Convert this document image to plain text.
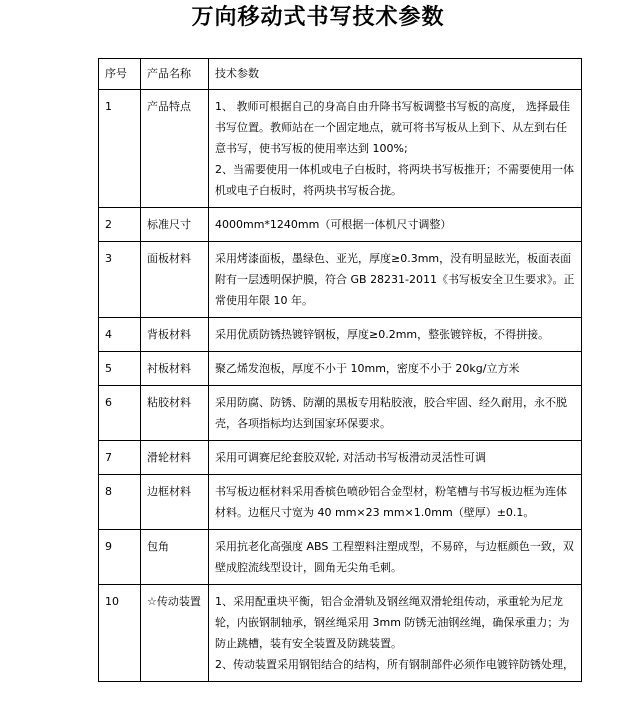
万向移动式书写技术参数
序号	产品名称	技术参数

1	产品特点	1、 教师可根据自己的身高自由升降书写板调整书写板的高度， 选择最佳书写位置。教师站在一个固定地点，就可将书写板从上到下、从左到右任意书写，使书写板的使用率达到 100%;
2、当需要使用一体机或电子白板时，将两块书写板推开；不需要使用一体机或电子白板时，将两块书写板合拢。

2	标准尺寸	4000mm*1240mm（可根据一体机尺寸调整）

3	面板材料	采用烤漆面板，墨绿色、亚光，厚度≥0.3mm，没有明显眩光，板面表面附有一层透明保护膜，符合 GB 28231-2011《书写板安全卫生要求》。正常使用年限 10 年。

4	背板材料	采用优质防锈热镀锌钢板，厚度≥0.2mm，整张镀锌板，不得拼接。

5	衬板材料	聚乙烯发泡板，厚度不小于 10mm，密度不小于 20kg/立方米

6	粘胶材料	采用防腐、防锈、防潮的黑板专用粘胶液，胶合牢固、经久耐用，永不脱壳，各项指标均达到国家环保要求。

7	滑轮材料	采用可调赛尼纶套胶双轮, 对活动书写板滑动灵活性可调

8	边框材料	书写板边框材料采用香槟色喷砂铝合金型材，粉笔槽与书写板边框为连体材料。边框尺寸宽为 40 mm×23 mm×1.0mm（壁厚）±0.1。

9	包角	采用抗老化高强度 ABS 工程塑料注塑成型，不易碎，与边框颜色一致，双壁成腔流线型设计，圆角无尖角毛刺。

10	☆传动装置	1、采用配重块平衡，铝合金滑轨及钢丝绳双滑轮组传动，承重轮为尼龙轮，内嵌钢制轴承，钢丝绳采用 3mm 防锈无油钢丝绳，确保承重力；为防止跳槽，装有安全装置及防跳装置。
2、传动装置采用钢铝结合的结构，所有钢制部件必须作电镀锌防锈处理，
